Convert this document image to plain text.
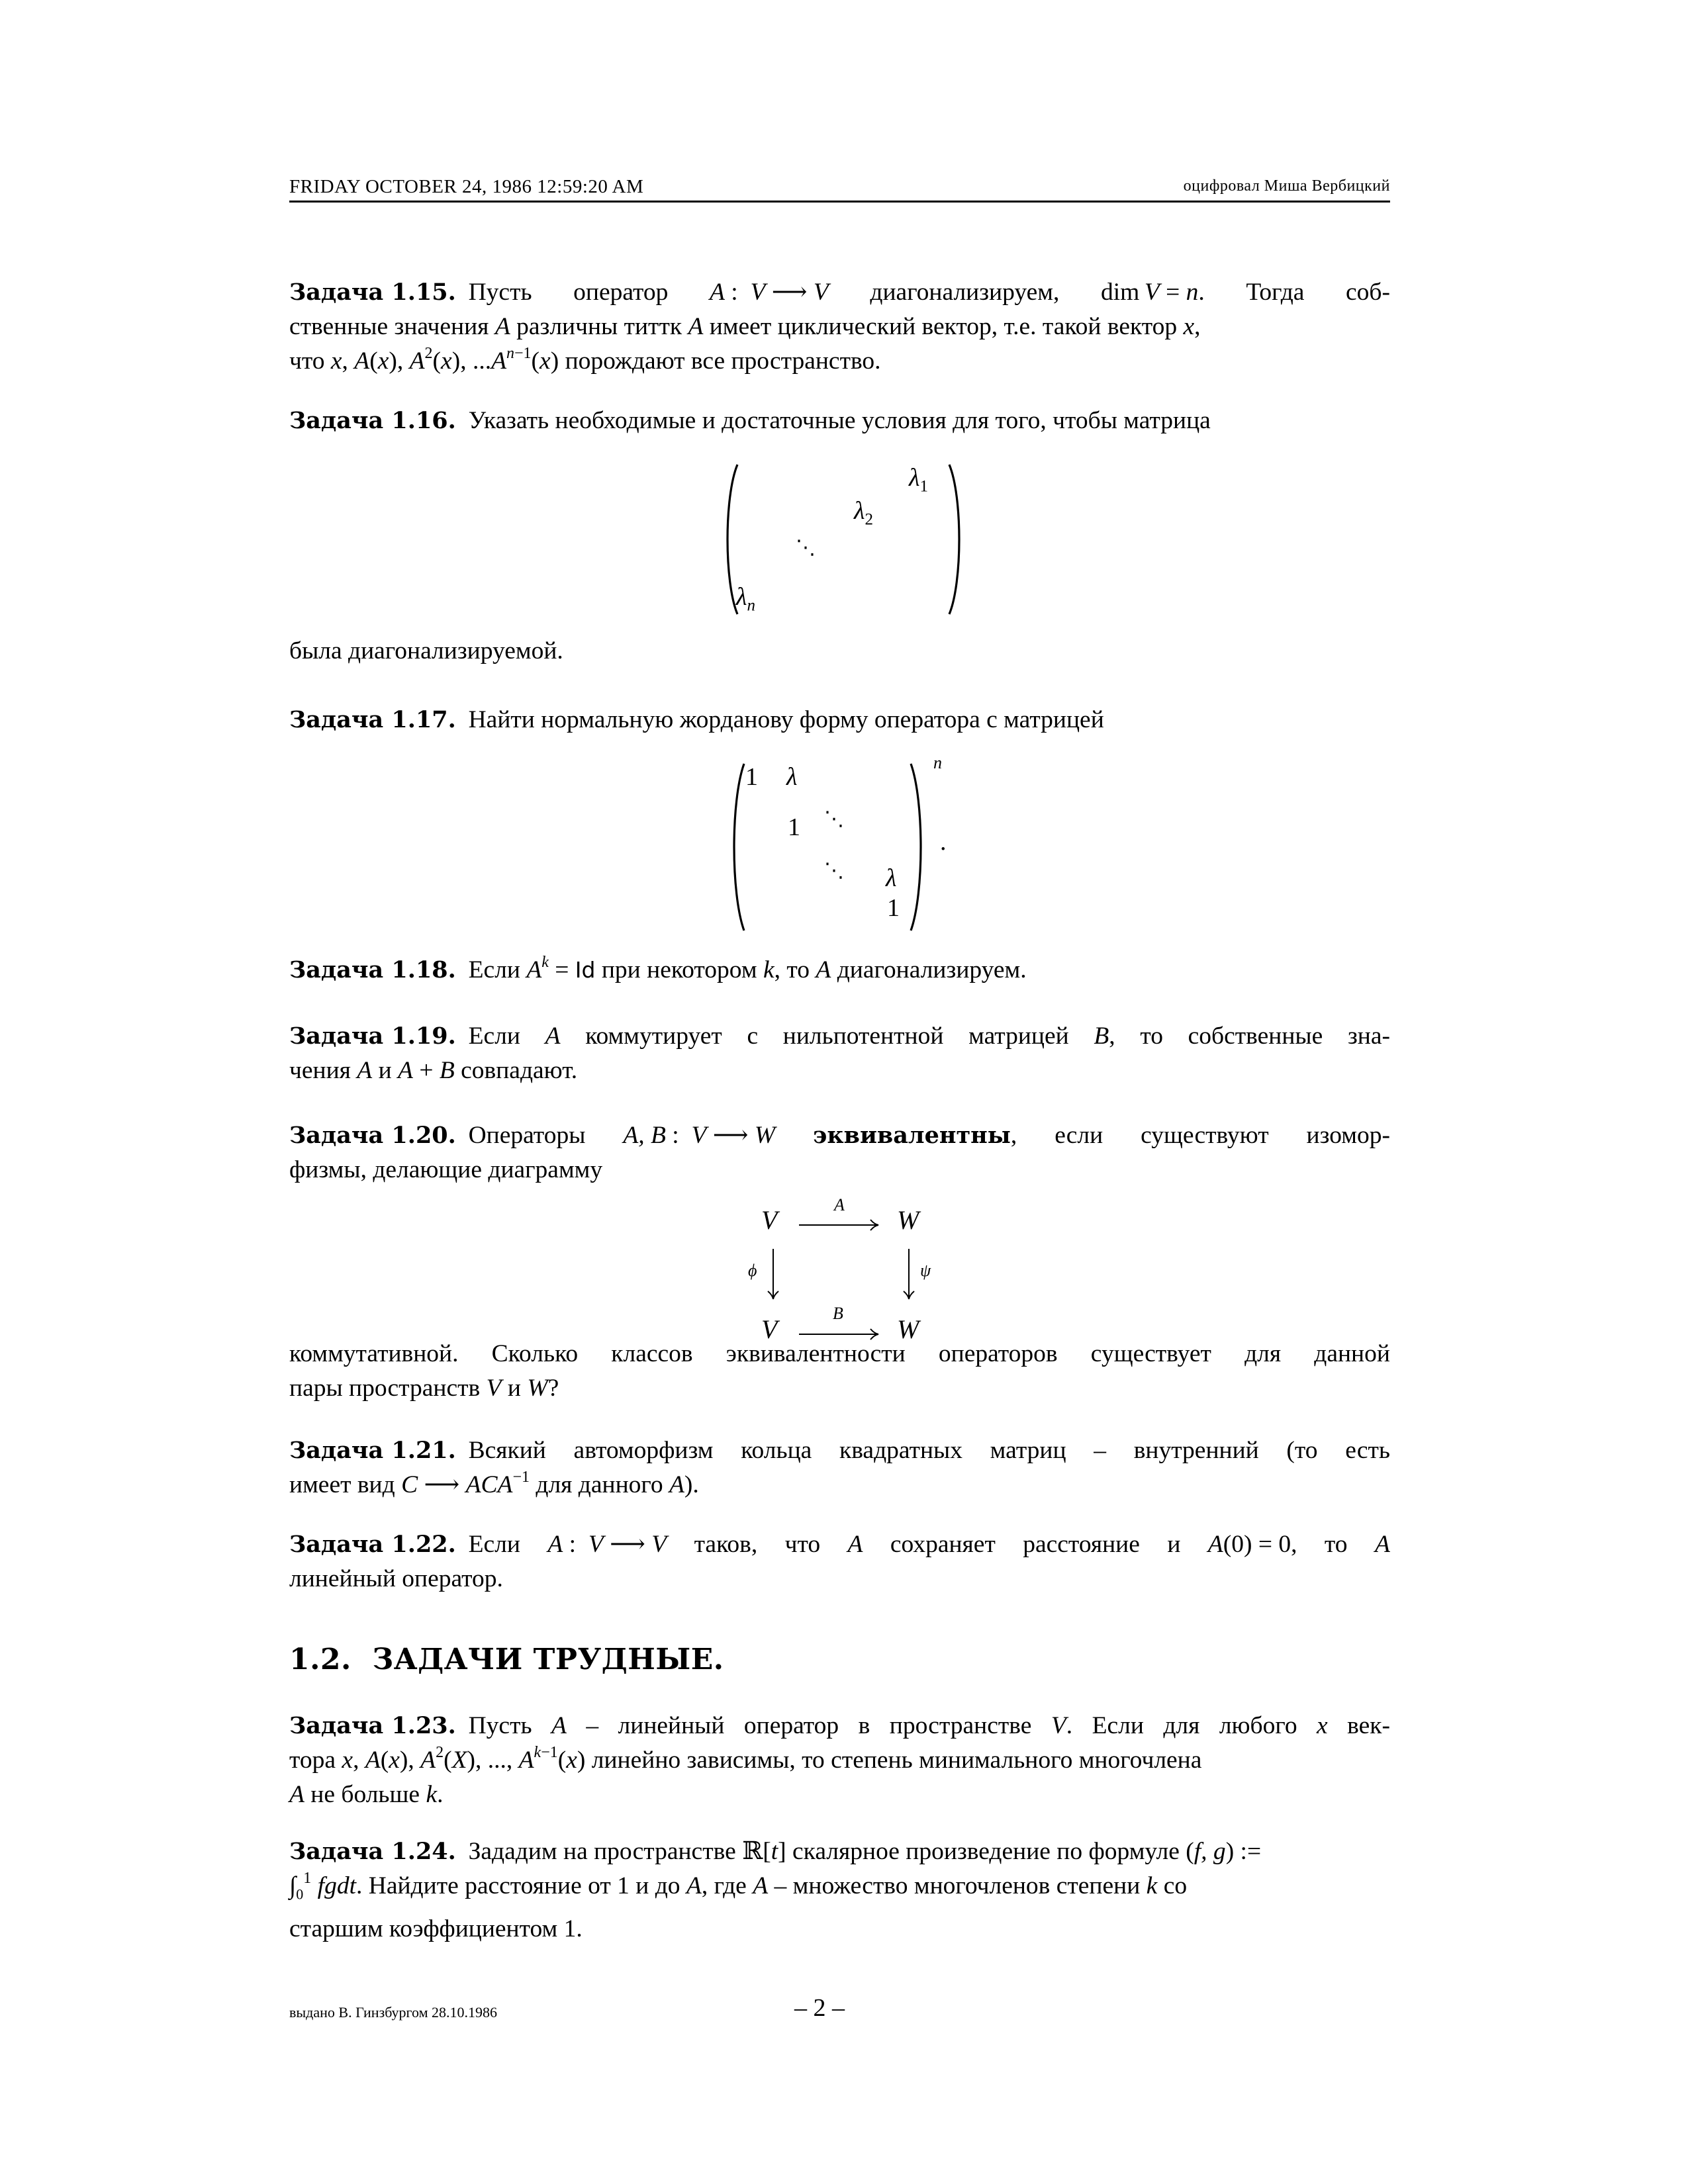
FRIDAY OCTOBER 24, 1986 12:59:20 AM	оцифровал Миша Вербицкий
Задача 1.15. Пусть оператор A :  V ⟶ V диагонализируем, dim V = n. Тогда соб-
ственные значения A различны титтк A имеет циклический вектор, т.е. такой вектор x,
что x, A(x), $A^2(x)$, $...A^{n-1}(x)$ порождают все пространство.
Задача 1.16. Указать необходимые и достаточные условия для того, чтобы матрица
$\lambda_1$
$\lambda_2$
⋱
$\lambda_n$
была диагонализируемой.
Задача 1.17. Найти нормальную жорданову форму оператора с матрицей
1 λ
1 ⋱
⋱ λ
1
n
.
Задача 1.18.  Если $A^k = Id$ при некотором k, то A диагонализируем.
Задача 1.19.  Если A коммутирует с нильпотентной матрицей B, то собственные зна-
чения A и A + B совпадают.
Задача 1.20.  Операторы A, B :  V ⟶ W эквивалентны, если существуют изомор-
физмы, делающие диаграмму
V	W
A
ϕ	ψ
V	W
B
коммутативной. Сколько классов эквивалентности операторов существует для данной
пары пространств V и W?
Задача 1.21.  Всякий автоморфизм кольца квадратных матриц – внутренний (то есть
имеет вид C ⟶ $ACA^{-1}$ для данного A).
Задача 1.22.  Если A :  V ⟶ V таков, что A сохраняет расстояние и A(0) = 0, то A
линейный оператор.
1.2. ЗАДАЧИ ТРУДНЫЕ.
Задача 1.23.  Пусть A – линейный оператор в пространстве V. Если для любого x век-
тора x, A(x), $A^2(X)$, ..., $A^{k-1}(x)$ линейно зависимы, то степень минимального многочлена
A не больше k.
Задача 1.24.  Зададим на пространстве ℝ[t] скалярное произведение по формуле (f, g) :=
$\int_0^1$ fgdt. Найдите расстояние от 1 и до A, где A – множество многочленов степени k со
старшим коэффициентом 1.
выдано В. Гинзбургом 28.10.1986	– 2 –
